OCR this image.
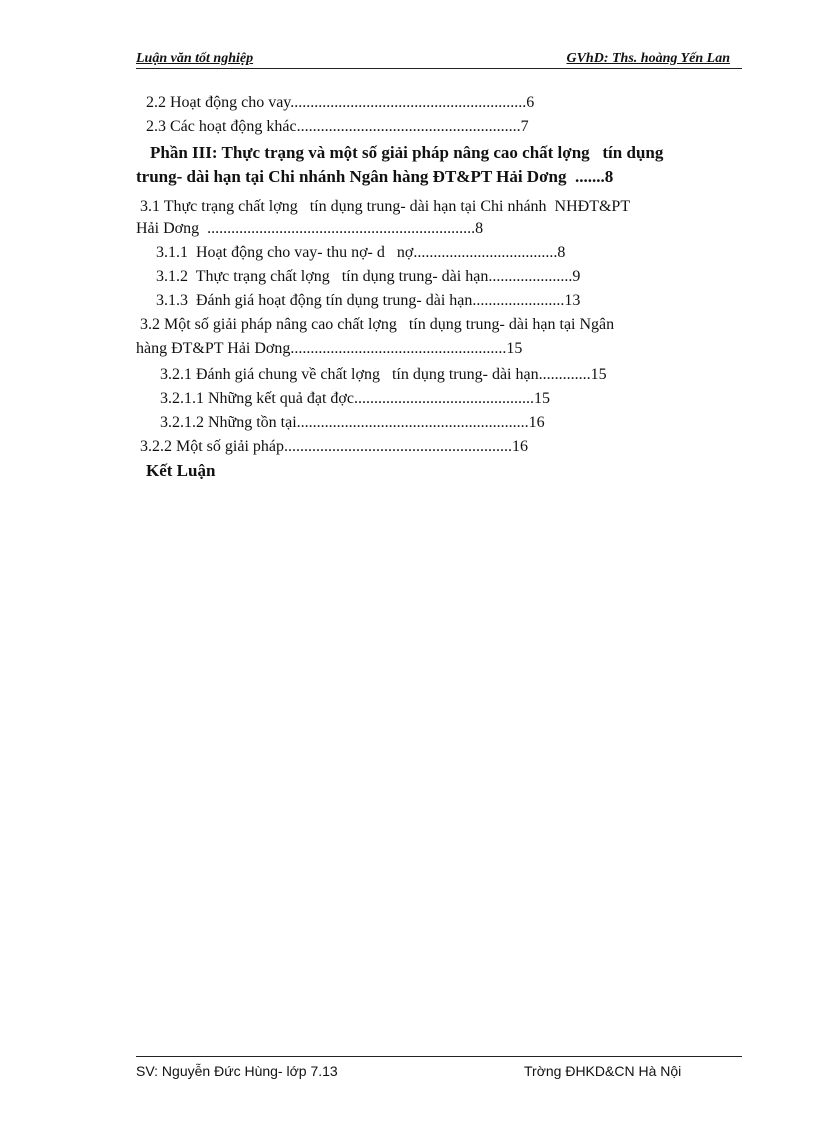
Luận văn tốt nghiệp	GVhD: Ths. hoàng Yến Lan
2.2 Hoạt động cho vay...........................................................6
2.3 Các hoạt động khác........................................................7
Phần III: Thực trạng và một số giải pháp nâng cao chất lợng   tín dụng
trung- dài hạn tại Chi nhánh Ngân hàng ĐT&PT Hải Dơng  .......8
3.1 Thực trạng chất lợng   tín dụng trung- dài hạn tại Chi nhánh  NHĐT&PT
Hải Dơng  ...................................................................8
3.1.1  Hoạt động cho vay- thu nợ- d   nợ....................................8
3.1.2  Thực trạng chất lợng   tín dụng trung- dài hạn.....................9
3.1.3  Đánh giá hoạt động tín dụng trung- dài hạn.......................13
3.2 Một số giải pháp nâng cao chất lợng   tín dụng trung- dài hạn tại Ngân
hàng ĐT&PT Hải Dơng......................................................15
3.2.1 Đánh giá chung về chất lợng   tín dụng trung- dài hạn.............15
3.2.1.1 Những kết quả đạt đợc.............................................15
3.2.1.2 Những tồn tại..........................................................16
3.2.2 Một số giải pháp.........................................................16
Kết Luận
SV: Nguyễn Đức Hùng- lớp 7.13	Trờng ĐHKD&CN Hà Nội
